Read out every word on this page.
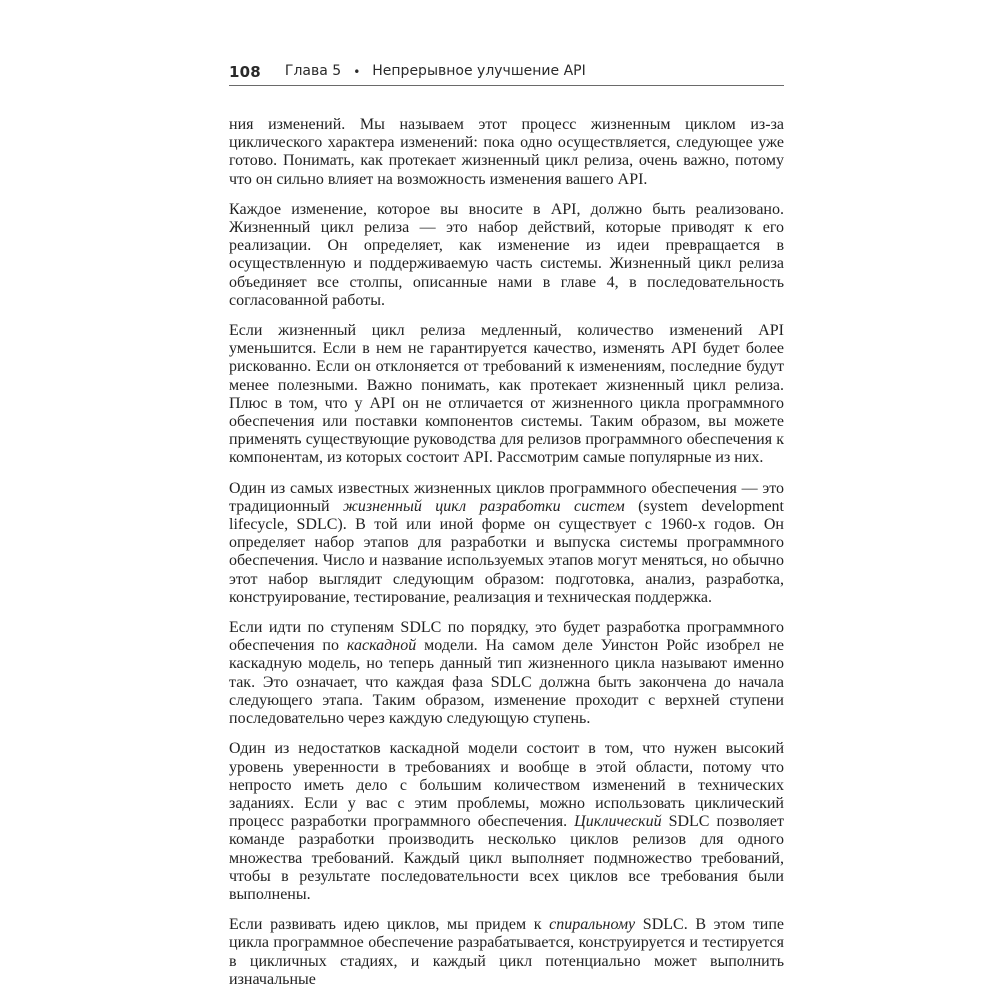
108 Глава 5 • Непрерывное улучшение API

ния изменений. Мы называем этот процесс жизненным циклом из-за циклического характера изменений: пока одно осуществляется, следующее уже готово. Понимать, как протекает жизненный цикл релиза, очень важно, потому что он сильно влияет на возможность изменения вашего API.

Каждое изменение, которое вы вносите в API, должно быть реализовано. Жизненный цикл релиза — это набор действий, которые приводят к его реализации. Он определяет, как изменение из идеи превращается в осуществленную и поддерживаемую часть системы. Жизненный цикл релиза объединяет все столпы, описанные нами в главе 4, в последовательность согласованной работы.

Если жизненный цикл релиза медленный, количество изменений API уменьшится. Если в нем не гарантируется качество, изменять API будет более рискованно. Если он отклоняется от требований к изменениям, последние будут менее полезными. Важно понимать, как протекает жизненный цикл релиза. Плюс в том, что у API он не отличается от жизненного цикла программного обеспечения или поставки компонентов системы. Таким образом, вы можете применять существующие руководства для релизов программного обеспечения к компонентам, из которых состоит API. Рассмотрим самые популярные из них.

Один из самых известных жизненных циклов программного обеспечения — это традиционный жизненный цикл разработки систем (system development lifecycle, SDLC). В той или иной форме он существует с 1960-х годов. Он определяет набор этапов для разработки и выпуска системы программного обеспечения. Число и название используемых этапов могут меняться, но обычно этот набор выглядит следующим образом: подготовка, анализ, разработка, конструирование, тестирование, реализация и техническая поддержка.

Если идти по ступеням SDLC по порядку, это будет разработка программного обеспечения по каскадной модели. На самом деле Уинстон Ройс изобрел не каскадную модель, но теперь данный тип жизненного цикла называют именно так. Это означает, что каждая фаза SDLC должна быть закончена до начала следующего этапа. Таким образом, изменение проходит с верхней ступени последовательно через каждую следующую ступень.

Один из недостатков каскадной модели состоит в том, что нужен высокий уровень уверенности в требованиях и вообще в этой области, потому что непросто иметь дело с большим количеством изменений в технических заданиях. Если у вас с этим проблемы, можно использовать циклический процесс разработки программного обеспечения. Циклический SDLC позволяет команде разработки производить несколько циклов релизов для одного множества требований. Каждый цикл выполняет подмножество требований, чтобы в результате последовательности всех циклов все требования были выполнены.

Если развивать идею циклов, мы придем к спиральному SDLC. В этом типе цикла программное обеспечение разрабатывается, конструируется и тестируется в цикличных стадиях, и каждый цикл потенциально может выполнить изначальные
